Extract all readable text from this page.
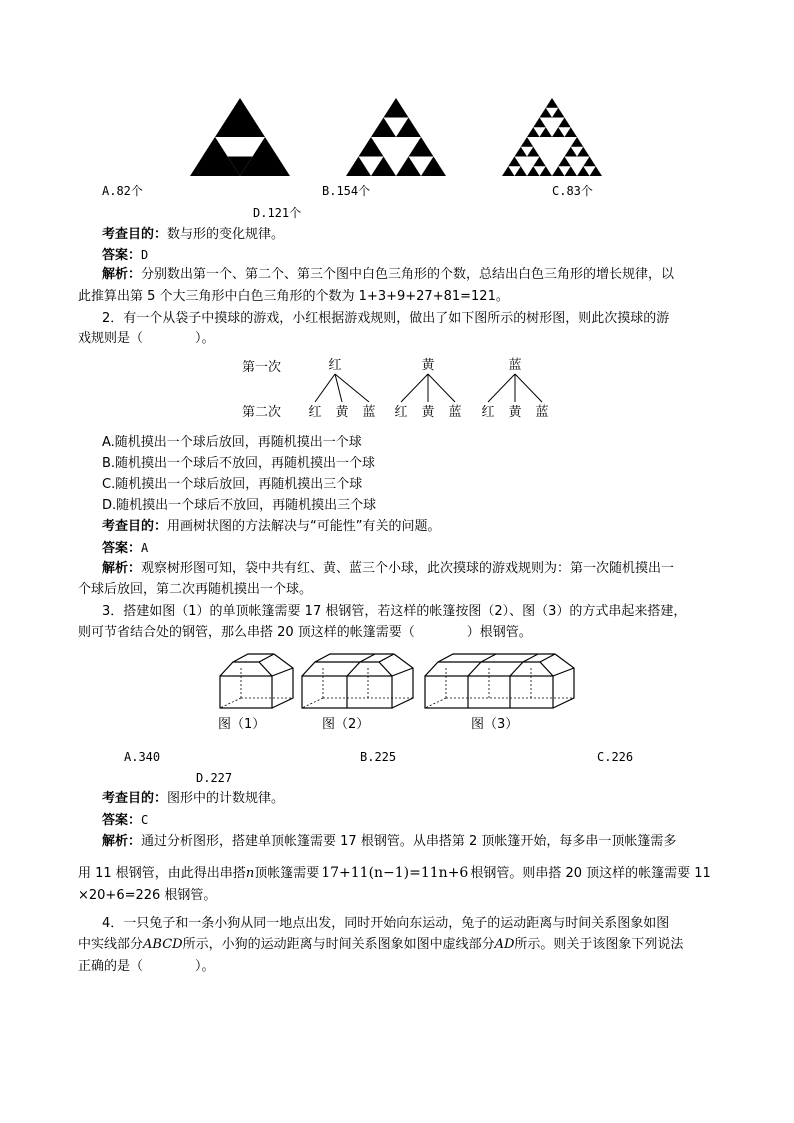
A.82个	B.154个	C.83个
D.121个
考查目的：数与形的变化规律。
答案：D
解析：分别数出第一个、第二个、第三个图中白色三角形的个数，总结出白色三角形的增长规律，以
此推算出第 5 个大三角形中白色三角形的个数为 1+3+9+27+81=121。
2．有一个从袋子中摸球的游戏，小红根据游戏规则，做出了如下图所示的树形图，则此次摸球的游
戏规则是（　　　　）。
第一次
第二次
红
红 黄 蓝
黄
红 黄 蓝
蓝
红 黄 蓝
A.随机摸出一个球后放回，再随机摸出一个球
B.随机摸出一个球后不放回，再随机摸出一个球
C.随机摸出一个球后放回，再随机摸出三个球
D.随机摸出一个球后不放回，再随机摸出三个球
考查目的：用画树状图的方法解决与“可能性”有关的问题。
答案：A
解析：观察树形图可知，袋中共有红、黄、蓝三个小球，此次摸球的游戏规则为：第一次随机摸出一
个球后放回，第二次再随机摸出一个球。
3．搭建如图（1）的单顶帐篷需要 17 根钢管，若这样的帐篷按图（2）、图（3）的方式串起来搭建，
则可节省结合处的钢管，那么串搭 20 顶这样的帐篷需要（　　　　）根钢管。
图（1）	图（2）	图（3）
A.340	B.225	C.226
D.227
考查目的：图形中的计数规律。
答案：C
解析：通过分析图形，搭建单顶帐篷需要 17 根钢管。从串搭第 2 顶帐篷开始，每多串一顶帐篷需多
用 11 根钢管，由此得出串搭n顶帐篷需要 17+11(n−1)=11n+6 根钢管。则串搭 20 顶这样的帐篷需要 11
×20+6=226 根钢管。
4．一只兔子和一条小狗从同一地点出发，同时开始向东运动，兔子的运动距离与时间关系图象如图
中实线部分ABCD所示，小狗的运动距离与时间关系图象如图中虚线部分AD所示。则关于该图象下列说法
正确的是（　　　　）。
